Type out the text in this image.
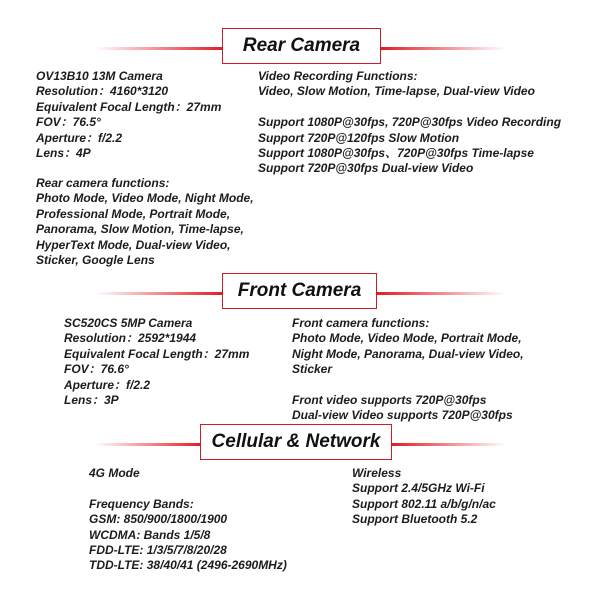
Rear Camera
OV13B10 13M Camera
Resolution：4160*3120
Equivalent Focal Length：27mm
FOV：76.5°
Aperture：f/2.2
Lens：4P
Rear camera functions:
Photo Mode, Video Mode, Night Mode,
Professional Mode, Portrait Mode,
Panorama, Slow Motion, Time-lapse,
HyperText Mode, Dual-view Video,
Sticker, Google Lens
Video Recording Functions:
Video, Slow Motion, Time-lapse, Dual-view Video
Support 1080P@30fps, 720P@30fps Video Recording
Support 720P@120fps Slow Motion
Support 1080P@30fps、720P@30fps Time-lapse
Support 720P@30fps Dual-view Video
Front Camera
SC520CS 5MP Camera
Resolution：2592*1944
Equivalent Focal Length：27mm
FOV：76.6°
Aperture：f/2.2
Lens：3P
Front camera functions:
Photo Mode, Video Mode, Portrait Mode,
Night Mode, Panorama, Dual-view Video,
Sticker
Front video supports 720P@30fps
Dual-view Video supports 720P@30fps
Cellular & Network
4G Mode
Frequency Bands:
GSM: 850/900/1800/1900
WCDMA: Bands 1/5/8
FDD-LTE: 1/3/5/7/8/20/28
TDD-LTE: 38/40/41 (2496-2690MHz)
Wireless
Support 2.4/5GHz Wi-Fi
Support 802.11 a/b/g/n/ac
Support Bluetooth 5.2
